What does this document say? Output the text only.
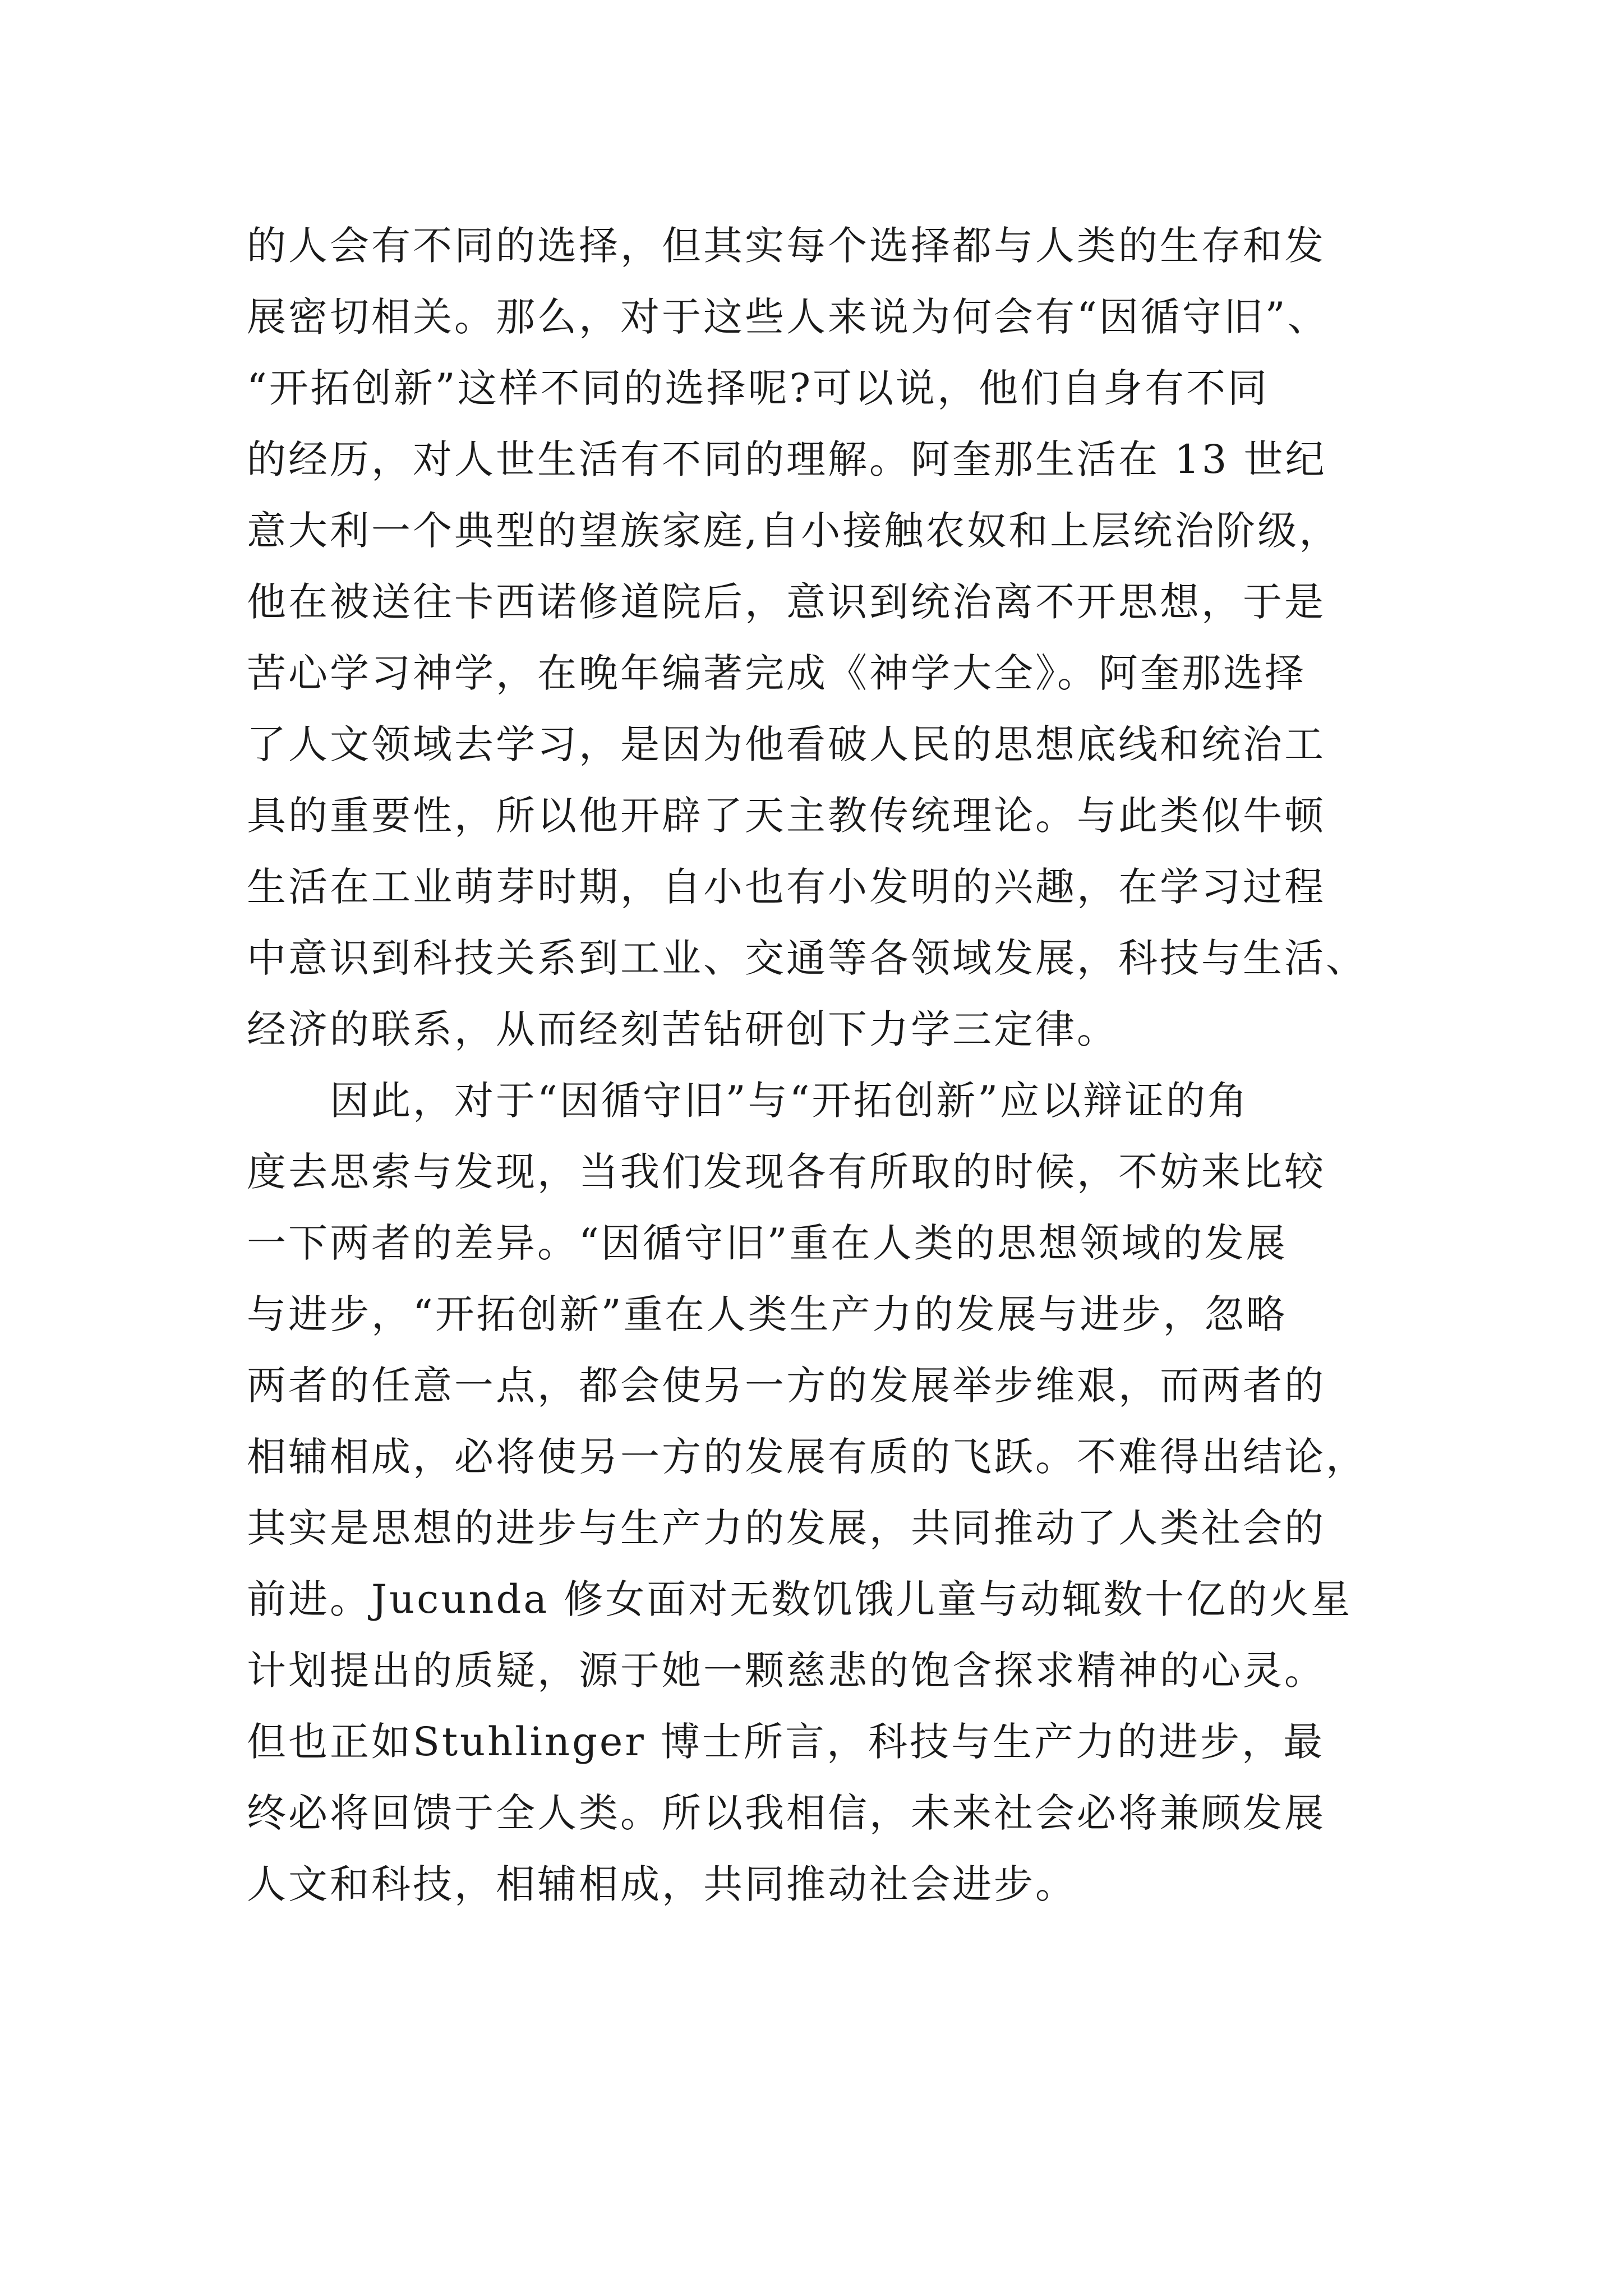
的人会有不同的选择，但其实每个选择都与人类的生存和发
展密切相关。那么，对于这些人来说为何会有“因循守旧”、
“开拓创新”这样不同的选择呢?可以说，他们自身有不同
的经历，对人世生活有不同的理解。阿奎那生活在 13 世纪
意大利一个典型的望族家庭,自小接触农奴和上层统治阶级，
他在被送往卡西诺修道院后，意识到统治离不开思想，于是
苦心学习神学，在晚年编著完成《神学大全》。阿奎那选择
了人文领域去学习，是因为他看破人民的思想底线和统治工
具的重要性，所以他开辟了天主教传统理论。与此类似牛顿
生活在工业萌芽时期，自小也有小发明的兴趣，在学习过程
中意识到科技关系到工业、交通等各领域发展，科技与生活、
经济的联系，从而经刻苦钻研创下力学三定律。
因此，对于“因循守旧”与“开拓创新”应以辩证的角
度去思索与发现，当我们发现各有所取的时候，不妨来比较
一下两者的差异。“因循守旧”重在人类的思想领域的发展
与进步，“开拓创新”重在人类生产力的发展与进步，忽略
两者的任意一点，都会使另一方的发展举步维艰，而两者的
相辅相成，必将使另一方的发展有质的飞跃。不难得出结论，
其实是思想的进步与生产力的发展，共同推动了人类社会的
前进。Jucunda 修女面对无数饥饿儿童与动辄数十亿的火星
计划提出的质疑，源于她一颗慈悲的饱含探求精神的心灵。
但也正如Stuhlinger 博士所言，科技与生产力的进步，最
终必将回馈于全人类。所以我相信，未来社会必将兼顾发展
人文和科技，相辅相成，共同推动社会进步。
